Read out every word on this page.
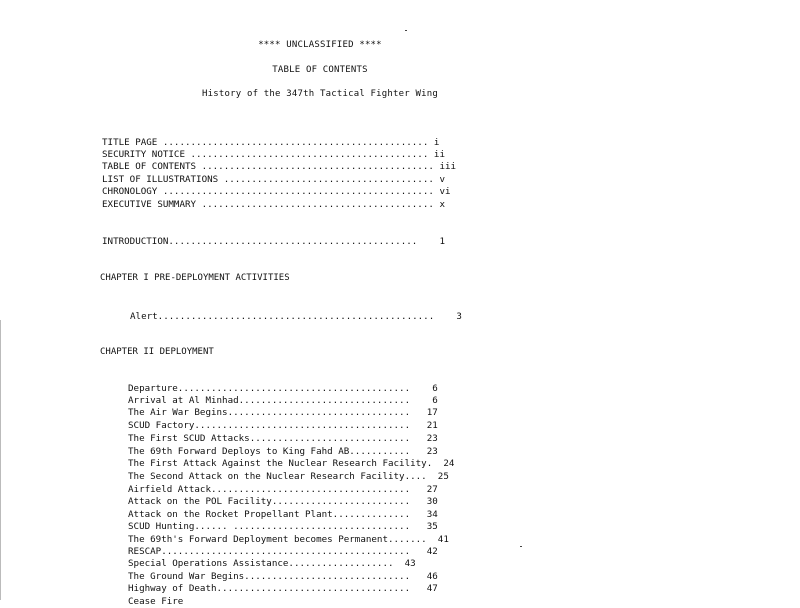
**** UNCLASSIFIED ****
TABLE OF CONTENTS
History of the 347th Tactical Fighter Wing
TITLE PAGE ................................................ i
SECURITY NOTICE ........................................... ii
TABLE OF CONTENTS .......................................... iii
LIST OF ILLUSTRATIONS ...................................... v
CHRONOLOGY ................................................. vi
EXECUTIVE SUMMARY .......................................... x
INTRODUCTION............................................. 1
CHAPTER I PRE-DEPLOYMENT ACTIVITIES
Alert.................................................. 3
CHAPTER II DEPLOYMENT
Departure.......................................... 6
Arrival at Al Minhad............................... 6
The Air War Begins................................. 17
SCUD Factory....................................... 21
The First SCUD Attacks............................. 23
The 69th Forward Deploys to King Fahd AB........... 23
The First Attack Against the Nuclear Research Facility. 24
The Second Attack on the Nuclear Research Facility.... 25
Airfield Attack.................................... 27
Attack on the POL Facility......................... 30
Attack on the Rocket Propellant Plant.............. 34
SCUD Hunting...... ................................ 35
The 69th's Forward Deployment becomes Permanent....... 41
RESCAP............................................. 42
Special Operations Assistance................... 43
The Ground War Begins.............................. 46
Highway of Death................................... 47
Cease Fire
